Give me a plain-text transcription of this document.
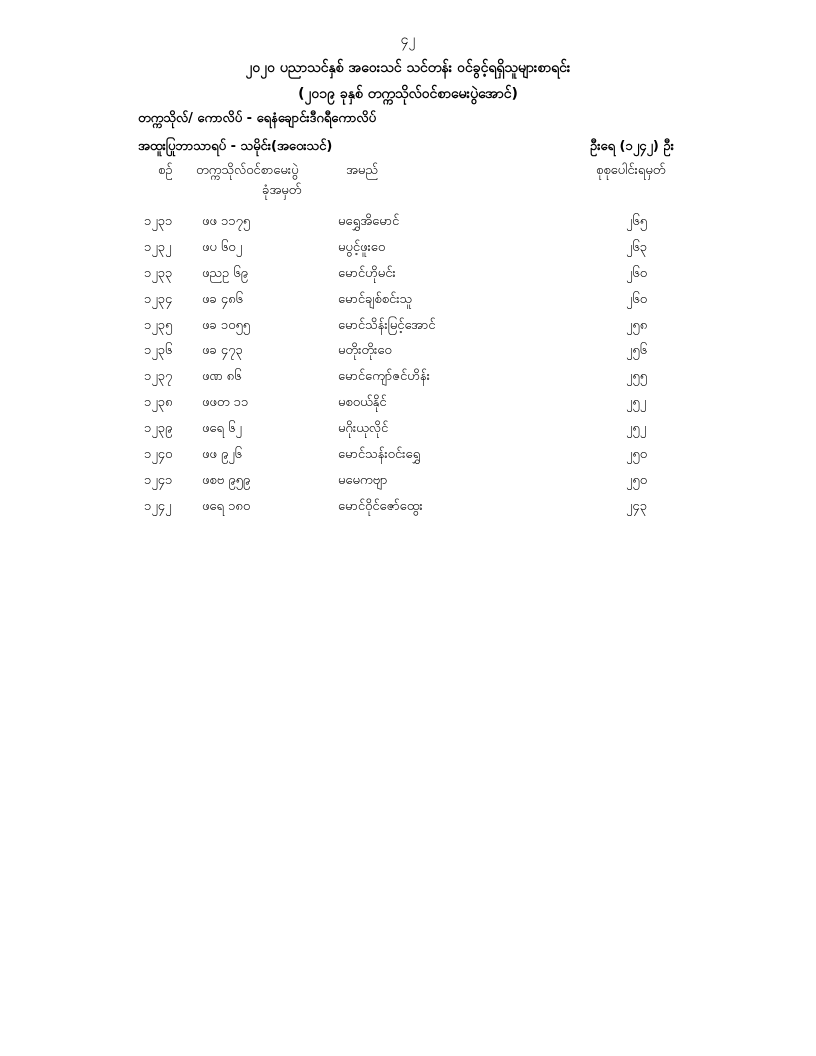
၄၂
၂၀၂၀ ပညာသင်နှစ် အဝေးသင် သင်တန်း ဝင်ခွင့်ရရှိသူများစာရင်း
(၂၀၁၉ ခုနှစ် တက္ကသိုလ်ဝင်စာမေးပွဲအောင်)
တက္ကသိုလ်/ ကောလိပ် - ရေနံချောင်းဒီဂရီကောလိပ်
အထူးပြုဘာသာရပ် - သမိုင်း(အဝေးသင်)	ဦးရေ (၁၂၄၂) ဦး
စဉ် တက္ကသိုလ်ဝင်စာမေးပွဲ
ခုံအမှတ်
အမည်	စုစုပေါင်းရမှတ်
၁၂၃၁ ဖဖ ၁၁၇၅	မရွှေအိမောင်	၂၆၅
၁၂၃၂ ဖပ ၆၀၂	မပွင့်ဖူးဝေ	၂၆၃
၁၂၃၃ ဖညဥ ၆၉	မောင်ဟိုမင်း	၂၆၀
၁၂၃၄ ဖခ ၄၈၆	မောင်ချစ်စင်းသူ	၂၆၀
၁၂၃၅ ဖခ ၁၀၅၅	မောင်သိန်းမြင့်အောင်	၂၅၈
၁၂၃၆ ဖခ ၄၇၃	မတိုးတိုးဝေ	၂၅၆
၁၂၃၇ ဖဏ ၈၆	မောင်ကျော်ဇင်ဟိန်း	၂၅၅
၁၂၃၈ ဖဖတ ၁၁	မစဝယ်နိုင်	၂၅၂
၁၂၃၉ ဖရေ ၆၂	မဂိုးယုလိုင်	၂၅၂
၁၂၄၀ ဖဖ ၉၂၆	မောင်သန်းဝင်းရွှေ	၂၅၀
၁၂၄၁ ဖစဗ ၉၅၉	မမေကဗျာ	၂၅၀
၁၂၄၂ ဖရေ ၁၈၀	မောင်ဝိုင်ဇော်ထွေး	၂၄၃
